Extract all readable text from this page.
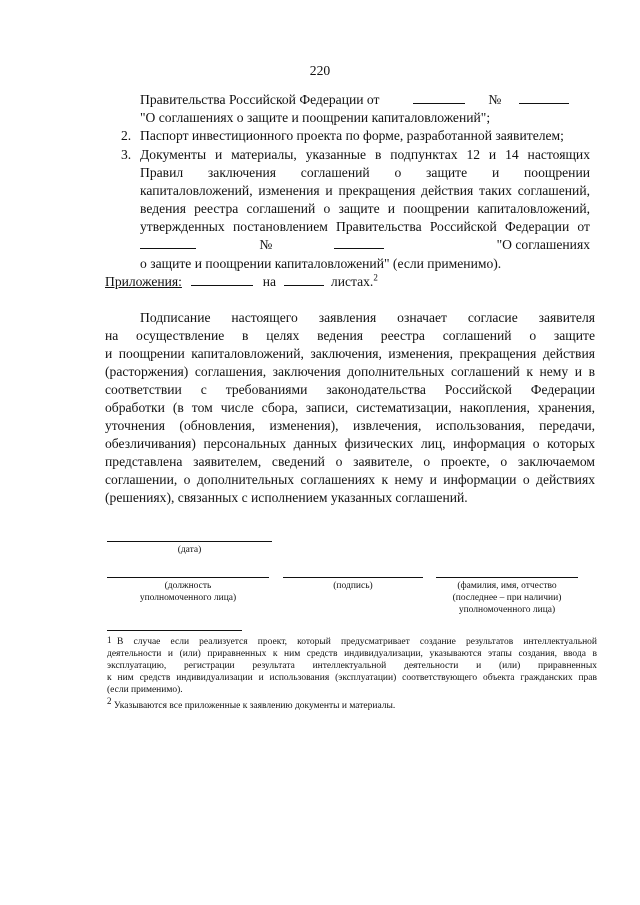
220
Правительства Российской Федерации от	№
"О соглашениях о защите и поощрении капиталовложений";
2. Паспорт инвестиционного проекта по форме, разработанной заявителем;
3. Документы и материалы, указанные в подпунктах 12 и 14 настоящих
Правил заключения соглашений о защите и поощрении
капиталовложений, изменения и прекращения действия таких соглашений,
ведения реестра соглашений о защите и поощрении капиталовложений,
утвержденных постановлением Правительства Российской Федерации от
№	"О соглашениях
о защите и поощрении капиталовложений" (если применимо).
Приложения:	на	листах.$^2$
Подписание настоящего заявления означает согласие заявителя
на осуществление в целях ведения реестра соглашений о защите
и поощрении капиталовложений, заключения, изменения, прекращения действия
(расторжения) соглашения, заключения дополнительных соглашений к нему и в
соответствии с требованиями законодательства Российской Федерации
обработки (в том числе сбора, записи, систематизации, накопления, хранения,
уточнения (обновления, изменения), извлечения, использования, передачи,
обезличивания) персональных данных физических лиц, информация о которых
представлена заявителем, сведений о заявителе, о проекте, о заключаемом
соглашении, о дополнительных соглашениях к нему и информации о действиях
(решениях), связанных с исполнением указанных соглашений.
(дата)
(должность
уполномоченного лица)
(подпись)	(фамилия, имя, отчество
(последнее – при наличии)
уполномоченного лица)
1 В случае если реализуется проект, который предусматривает создание результатов интеллектуальной
деятельности и (или) приравненных к ним средств индивидуализации, указываются этапы создания, ввода в
эксплуатацию, регистрации результата интеллектуальной деятельности и (или) приравненных
к ним средств индивидуализации и использования (эксплуатации) соответствующего объекта гражданских прав
(если применимо).
$^2$ Указываются все приложенные к заявлению документы и материалы.
